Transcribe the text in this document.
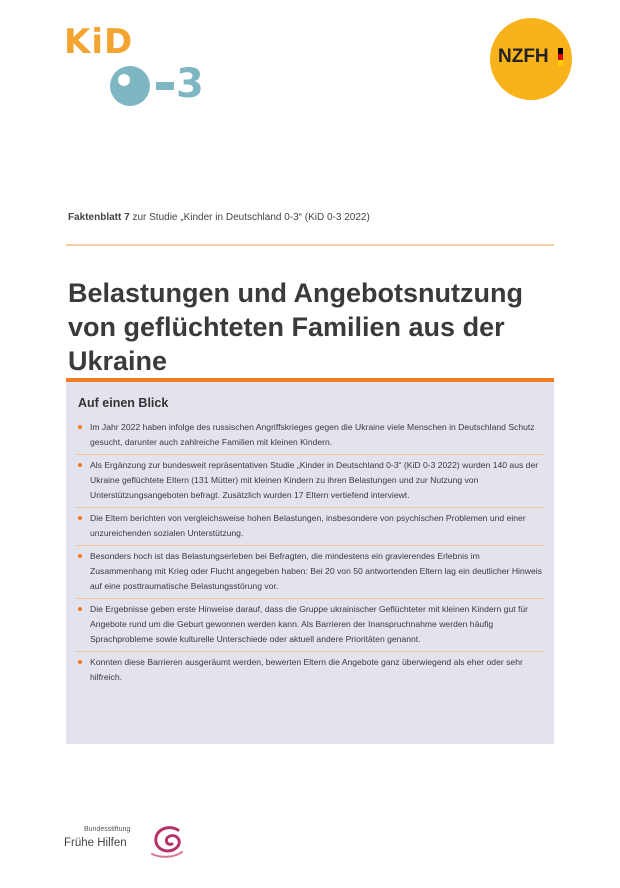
KiD
3
NZFH
Faktenblatt 7 zur Studie „Kinder in Deutschland 0-3“ (KiD 0-3 2022)
Belastungen und Angebotsnutzung von geflüchteten Familien aus der Ukraine
Auf einen Blick
Im Jahr 2022 haben infolge des russischen Angriffskrieges gegen die Ukraine viele Menschen in Deutschland Schutz gesucht, darunter auch zahlreiche Familien mit kleinen Kindern.
Als Ergänzung zur bundesweit repräsentativen Studie „Kinder in Deutschland 0-3“ (KiD 0-3 2022) wurden 140 aus der Ukraine geflüchtete Eltern (131 Mütter) mit kleinen Kindern zu ihren Belastungen und zur Nutzung von Unterstützungsangeboten befragt. Zusätzlich wurden 17 Eltern vertiefend interviewt.
Die Eltern berichten von vergleichsweise hohen Belastungen, insbesondere von psychischen Problemen und einer unzureichenden sozialen Unterstützung.
Besonders hoch ist das Belastungserleben bei Befragten, die mindestens ein gravierendes Erlebnis im Zusammenhang mit Krieg oder Flucht angegeben haben: Bei 20 von 50 antwortenden Eltern lag ein deutlicher Hinweis auf eine posttraumatische Belastungsstörung vor.
Die Ergebnisse geben erste Hinweise darauf, dass die Gruppe ukrainischer Geflüchteter mit kleinen Kindern gut für Angebote rund um die Geburt gewonnen werden kann. Als Barrieren der Inanspruchnahme werden häufig Sprachprobleme sowie kulturelle Unterschiede oder aktuell andere Prioritäten genannt.
Konnten diese Barrieren ausgeräumt werden, bewerten Eltern die Angebote ganz überwiegend als eher oder sehr hilfreich.
Bundesstiftung
Frühe Hilfen
